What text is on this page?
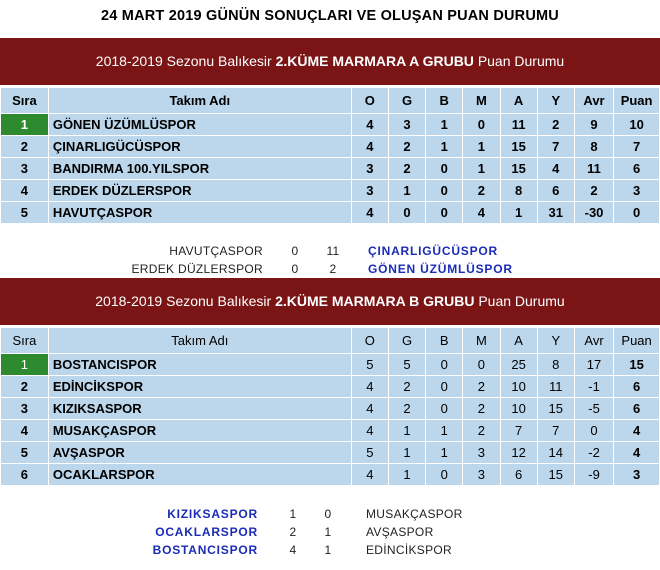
24 MART 2019 GÜNÜN SONUÇLARI VE OLUŞAN PUAN DURUMU
2018-2019 Sezonu Balıkesir 2.KÜME MARMARA A GRUBU Puan Durumu
Sıra	Takım Adı	O	G	B	M	A	Y	Avr	Puan
1	GÖNEN ÜZÜMLÜSPOR	4	3	1	0	11	2	9	10
2	ÇINARLIGÜCÜSPOR	4	2	1	1	15	7	8	7
3	BANDIRMA 100.YILSPOR	3	2	0	1	15	4	11	6
4	ERDEK DÜZLERSPOR	3	1	0	2	8	6	2	3
5	HAVUTÇASPOR	4	0	0	4	1	31	-30	0
HAVUTÇASPOR	0	11	ÇINARLIGÜCÜSPOR
ERDEK DÜZLERSPOR	0	2	GÖNEN ÜZÜMLÜSPOR
2018-2019 Sezonu Balıkesir 2.KÜME MARMARA B GRUBU Puan Durumu
Sıra	Takım Adı	O	G	B	M	A	Y	Avr	Puan
1	BOSTANCISPOR	5	5	0	0	25	8	17	15
2	EDİNCİKSPOR	4	2	0	2	10	11	-1	6
3	KIZIKSASPOR	4	2	0	2	10	15	-5	6
4	MUSAKÇASPOR	4	1	1	2	7	7	0	4
5	AVŞASPOR	5	1	1	3	12	14	-2	4
6	OCAKLARSPOR	4	1	0	3	6	15	-9	3
KIZIKSASPOR	1	0	MUSAKÇASPOR
OCAKLARSPOR	2	1	AVŞASPOR
BOSTANCISPOR	4	1	EDİNCİKSPOR
